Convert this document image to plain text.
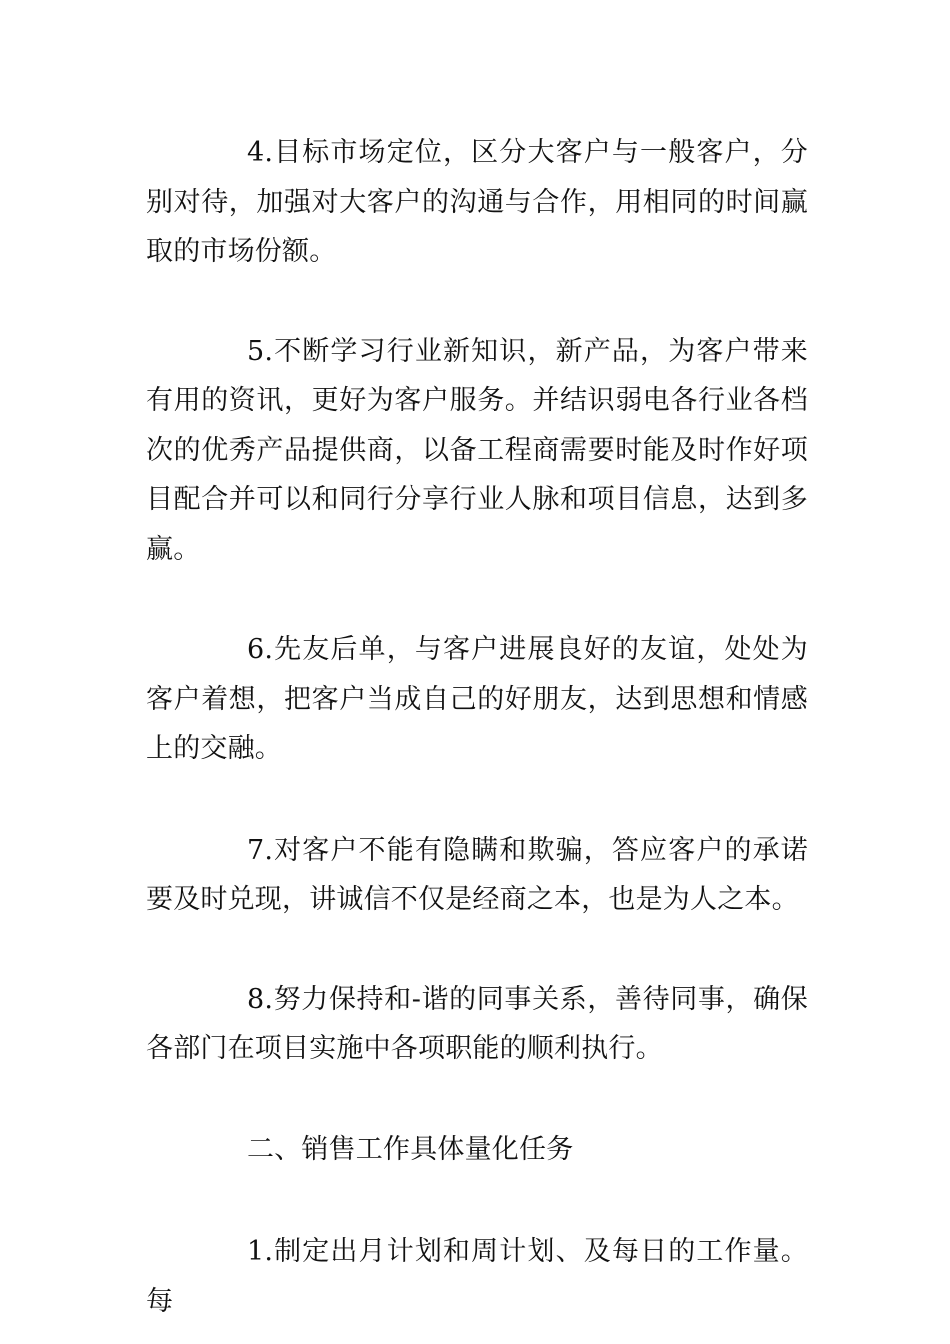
4.目标市场定位，区分大客户与一般客户，分别对待，加强对大客户的沟通与合作，用相同的时间赢取的市场份额。

5.不断学习行业新知识，新产品，为客户带来有用的资讯，更好为客户服务。并结识弱电各行业各档次的优秀产品提供商，以备工程商需要时能及时作好项目配合并可以和同行分享行业人脉和项目信息，达到多赢。

6.先友后单，与客户进展良好的友谊，处处为客户着想，把客户当成自己的好朋友，达到思想和情感上的交融。

7.对客户不能有隐瞒和欺骗，答应客户的承诺要及时兑现，讲诚信不仅是经商之本，也是为人之本。

8.努力保持和-谐的同事关系，善待同事，确保各部门在项目实施中各项职能的顺利执行。

二、销售工作具体量化任务

1.制定出月计划和周计划、及每日的工作量。每
